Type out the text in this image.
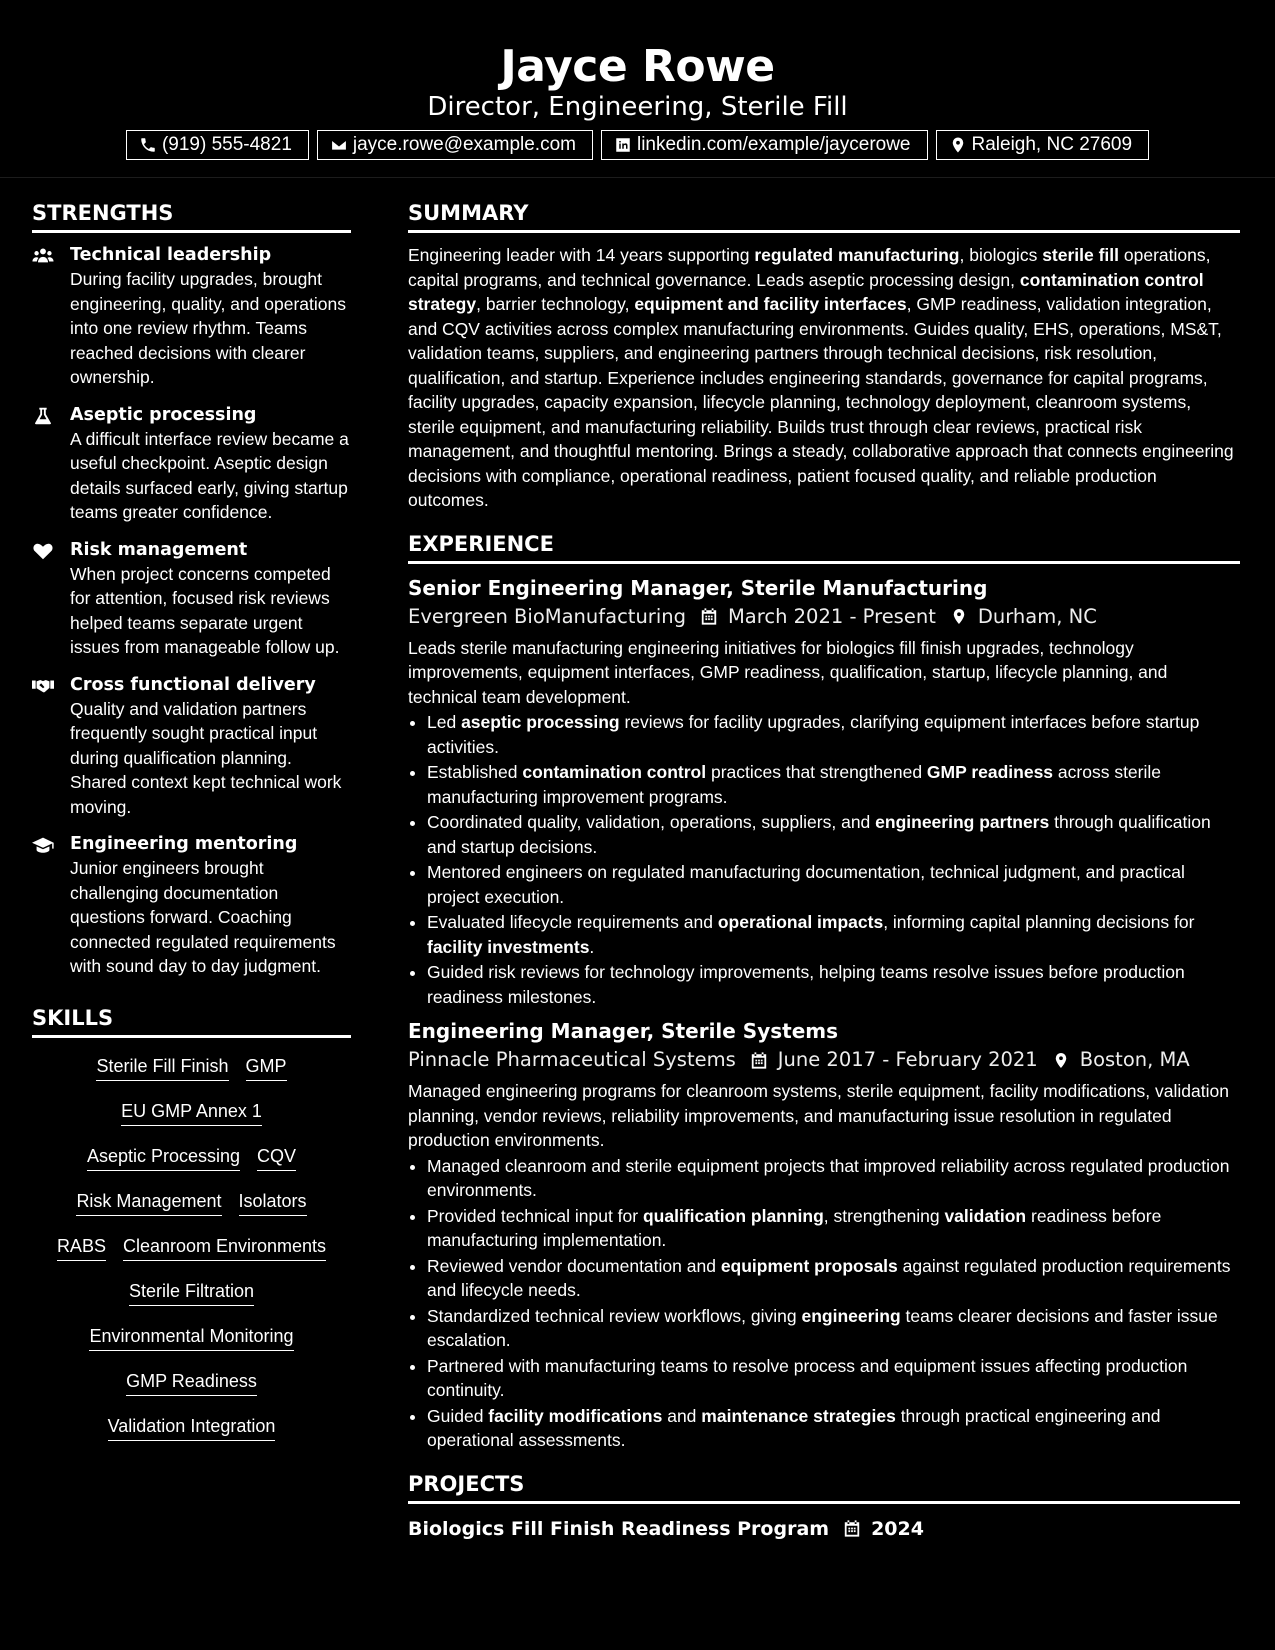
Jayce Rowe
Director, Engineering, Sterile Fill
(919) 555-4821	jayce.rowe@example.com	linkedin.com/example/jaycerowe	Raleigh, NC 27609
STRENGTHS
Technical leadership
During facility upgrades, brought engineering, quality, and operations into one review rhythm. Teams reached decisions with clearer ownership.
Aseptic processing
A difficult interface review became a useful checkpoint. Aseptic design details surfaced early, giving startup teams greater confidence.
Risk management
When project concerns competed for attention, focused risk reviews helped teams separate urgent issues from manageable follow up.
Cross functional delivery
Quality and validation partners frequently sought practical input during qualification planning. Shared context kept technical work moving.
Engineering mentoring
Junior engineers brought challenging documentation questions forward. Coaching connected regulated requirements with sound day to day judgment.
SKILLS
Sterile Fill Finish GMP
EU GMP Annex 1
Aseptic Processing CQV
Risk Management Isolators
RABS Cleanroom Environments
Sterile Filtration
Environmental Monitoring
GMP Readiness
Validation Integration
SUMMARY
Engineering leader with 14 years supporting regulated manufacturing, biologics sterile fill operations, capital programs, and technical governance. Leads aseptic processing design, contamination control strategy, barrier technology, equipment and facility interfaces, GMP readiness, validation integration, and CQV activities across complex manufacturing environments. Guides quality, EHS, operations, MS&T, validation teams, suppliers, and engineering partners through technical decisions, risk resolution, qualification, and startup. Experience includes engineering standards, governance for capital programs, facility upgrades, capacity expansion, lifecycle planning, technology deployment, cleanroom systems, sterile equipment, and manufacturing reliability. Builds trust through clear reviews, practical risk management, and thoughtful mentoring. Brings a steady, collaborative approach that connects engineering decisions with compliance, operational readiness, patient focused quality, and reliable production outcomes.
EXPERIENCE
Senior Engineering Manager, Sterile Manufacturing
Evergreen BioManufacturing March 2021 - Present Durham, NC
Leads sterile manufacturing engineering initiatives for biologics fill finish upgrades, technology improvements, equipment interfaces, GMP readiness, qualification, startup, lifecycle planning, and technical team development.
• Led aseptic processing reviews for facility upgrades, clarifying equipment interfaces before startup activities.
• Established contamination control practices that strengthened GMP readiness across sterile manufacturing improvement programs.
• Coordinated quality, validation, operations, suppliers, and engineering partners through qualification and startup decisions.
• Mentored engineers on regulated manufacturing documentation, technical judgment, and practical project execution.
• Evaluated lifecycle requirements and operational impacts, informing capital planning decisions for facility investments.
• Guided risk reviews for technology improvements, helping teams resolve issues before production readiness milestones.
Engineering Manager, Sterile Systems
Pinnacle Pharmaceutical Systems June 2017 - February 2021 Boston, MA
Managed engineering programs for cleanroom systems, sterile equipment, facility modifications, validation planning, vendor reviews, reliability improvements, and manufacturing issue resolution in regulated production environments.
• Managed cleanroom and sterile equipment projects that improved reliability across regulated production environments.
• Provided technical input for qualification planning, strengthening validation readiness before manufacturing implementation.
• Reviewed vendor documentation and equipment proposals against regulated production requirements and lifecycle needs.
• Standardized technical review workflows, giving engineering teams clearer decisions and faster issue escalation.
• Partnered with manufacturing teams to resolve process and equipment issues affecting production continuity.
• Guided facility modifications and maintenance strategies through practical engineering and operational assessments.
PROJECTS
Biologics Fill Finish Readiness Program 2024
